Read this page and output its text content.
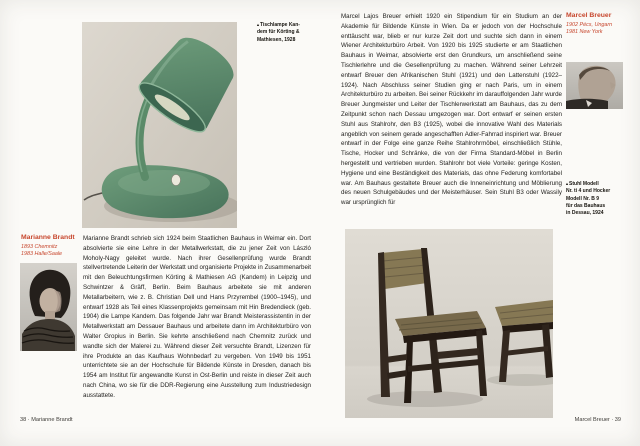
▴Tischlampe Kan-
dem für Körting &
Mathiesen, 1928
Marianne Brandt
1893 Chemnitz
1983 Halle/Saale
Marianne Brandt schrieb sich 1924 beim Staatlichen Bauhaus in Weimar ein. Dort absolvierte sie eine Lehre in der Metallwerkstatt, die zu jener Zeit von László Moholy-Nagy geleitet wurde. Nach ihrer Gesellenprüfung wurde Brandt stellvertretende Leiterin der Werkstatt und organisierte Projekte in Zusammenarbeit mit den Beleuchtungsfirmen Körting & Mathiesen AG (Kandem) in Leipzig und Schwintzer & Gräff, Berlin. Beim Bauhaus arbeitete sie mit anderen Metallarbeitern, wie z. B. Christian Dell und Hans Przyrembel (1900–1945), und entwarf 1928 als Teil eines Klassenprojekts gemeinsam mit Hin Bredendieck (geb. 1904) die Lampe Kandem. Das folgende Jahr war Brandt Meisterassistentin in der Metallwerkstatt am Dessauer Bauhaus und arbeitete dann im Architekturbüro von Walter Gropius in Berlin. Sie kehrte anschließend nach Chemnitz zurück und wandte sich der Malerei zu. Während dieser Zeit versuchte Brandt, Lizenzen für ihre Produkte an das Kaufhaus Wohnbedarf zu vergeben. Von 1949 bis 1951 unterrichtete sie an der Hochschule für Bildende Künste in Dresden, danach bis 1954 am Institut für angewandte Kunst in Ost-Berlin und reiste in dieser Zeit auch nach China, wo sie für die DDR-Regierung eine Ausstellung zum Industriedesign ausstattete.
38 · Marianne Brandt
Marcel Lajos Breuer erhielt 1920 ein Stipendium für ein Studium an der Akademie für Bildende Künste in Wien. Da er jedoch von der Hochschule enttäuscht war, blieb er nur kurze Zeit dort und suchte sich dann in einem Wiener Architekturbüro Arbeit. Von 1920 bis 1925 studierte er am Staatlichen Bauhaus in Weimar, absolvierte erst den Grundkurs, um anschließend seine Tischlerlehre und die Gesellenprüfung zu machen. Während seiner Lehrzeit entwarf Breuer den Afrikanischen Stuhl (1921) und den Lattenstuhl (1922–1924). Nach Abschluss seiner Studien ging er nach Paris, um in einem Architekturbüro zu arbeiten. Bei seiner Rückkehr im darauffolgenden Jahr wurde Breuer Jungmeister und Leiter der Tischlerwerkstatt am Bauhaus, das zu dem Zeitpunkt schon nach Dessau umgezogen war. Dort entwarf er seinen ersten Stuhl aus Stahlrohr, den B3 (1925), wobei die innovative Wahl des Materials angeblich von seinem gerade angeschafften Adler-Fahrrad inspiriert war. Breuer entwarf in der Folge eine ganze Reihe Stahlrohrmöbel, einschließlich Stühle, Tische, Hocker und Schränke, die von der Firma Standard-Möbel in Berlin hergestellt und vertrieben wurden. Stahlrohr bot viele Vorteile: geringe Kosten, Hygiene und eine Beständigkeit des Materials, das ohne Federung komfortabel war. Am Bauhaus gestaltete Breuer auch die Inneneinrichtung und Möblierung des neuen Schulgebäudes und der Meisterhäuser. Sein Stuhl B3 oder Wassily war ursprünglich für
Marcel Breuer
1902 Pécs, Ungarn
1981 New York
▴Stuhl Modell
Nr. ti 4 und Hocker
Modell Nr. B 9
für das Bauhaus
in Dessau, 1924
Marcel Breuer · 39
